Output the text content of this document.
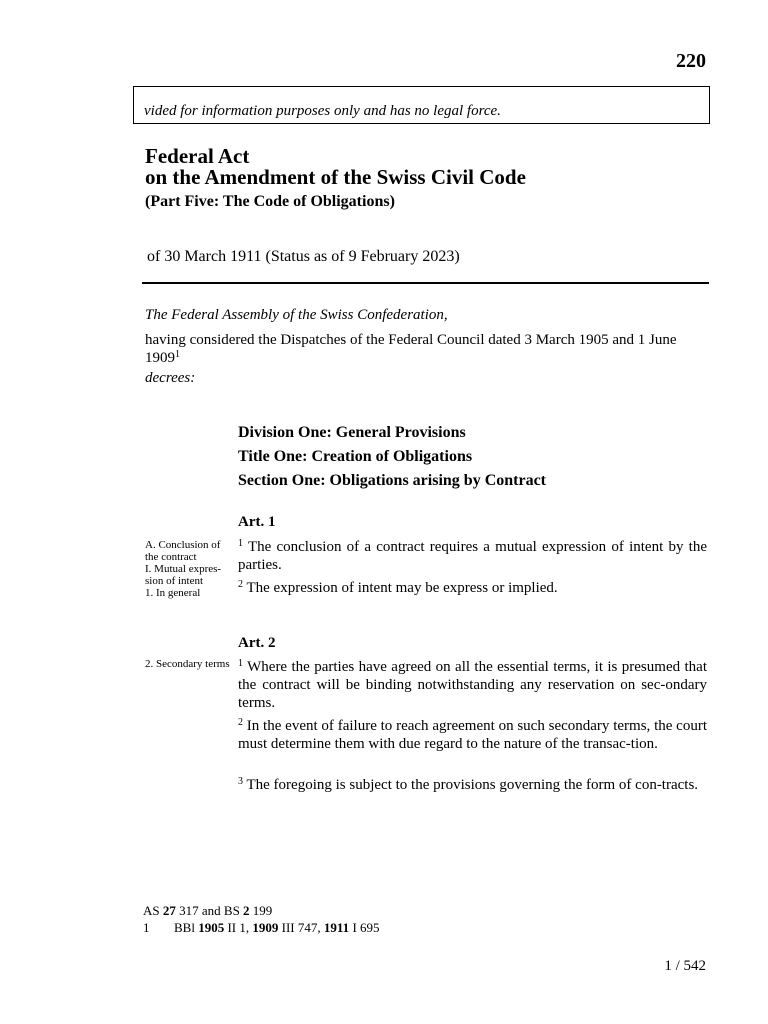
220
vided for information purposes only and has no legal force.
Federal Act
on the Amendment of the Swiss Civil Code
(Part Five: The Code of Obligations)
of 30 March 1911 (Status as of 9 February 2023)
The Federal Assembly of the Swiss Confederation,
having considered the Dispatches of the Federal Council dated 3 March 1905 and 1 June 1909$^1$
decrees:
Division One: General Provisions
Title One: Creation of Obligations
Section One: Obligations arising by Contract
Art. 1
A. Conclusion of the contract
I. Mutual expres-sion of intent
1. In general
$^1$ The conclusion of a contract requires a mutual expression of intent by the parties.
$^2$ The expression of intent may be express or implied.
Art. 2
2. Secondary terms $^1$ Where the parties have agreed on all the essential terms, it is presumed that the contract will be binding notwithstanding any reservation on sec-ondary terms.
$^2$ In the event of failure to reach agreement on such secondary terms, the court must determine them with due regard to the nature of the transac-tion.
$^3$ The foregoing is subject to the provisions governing the form of con-tracts.
AS 27 317 and BS 2 199
1 BBl 1905 II 1, 1909 III 747, 1911 I 695
1 / 542
